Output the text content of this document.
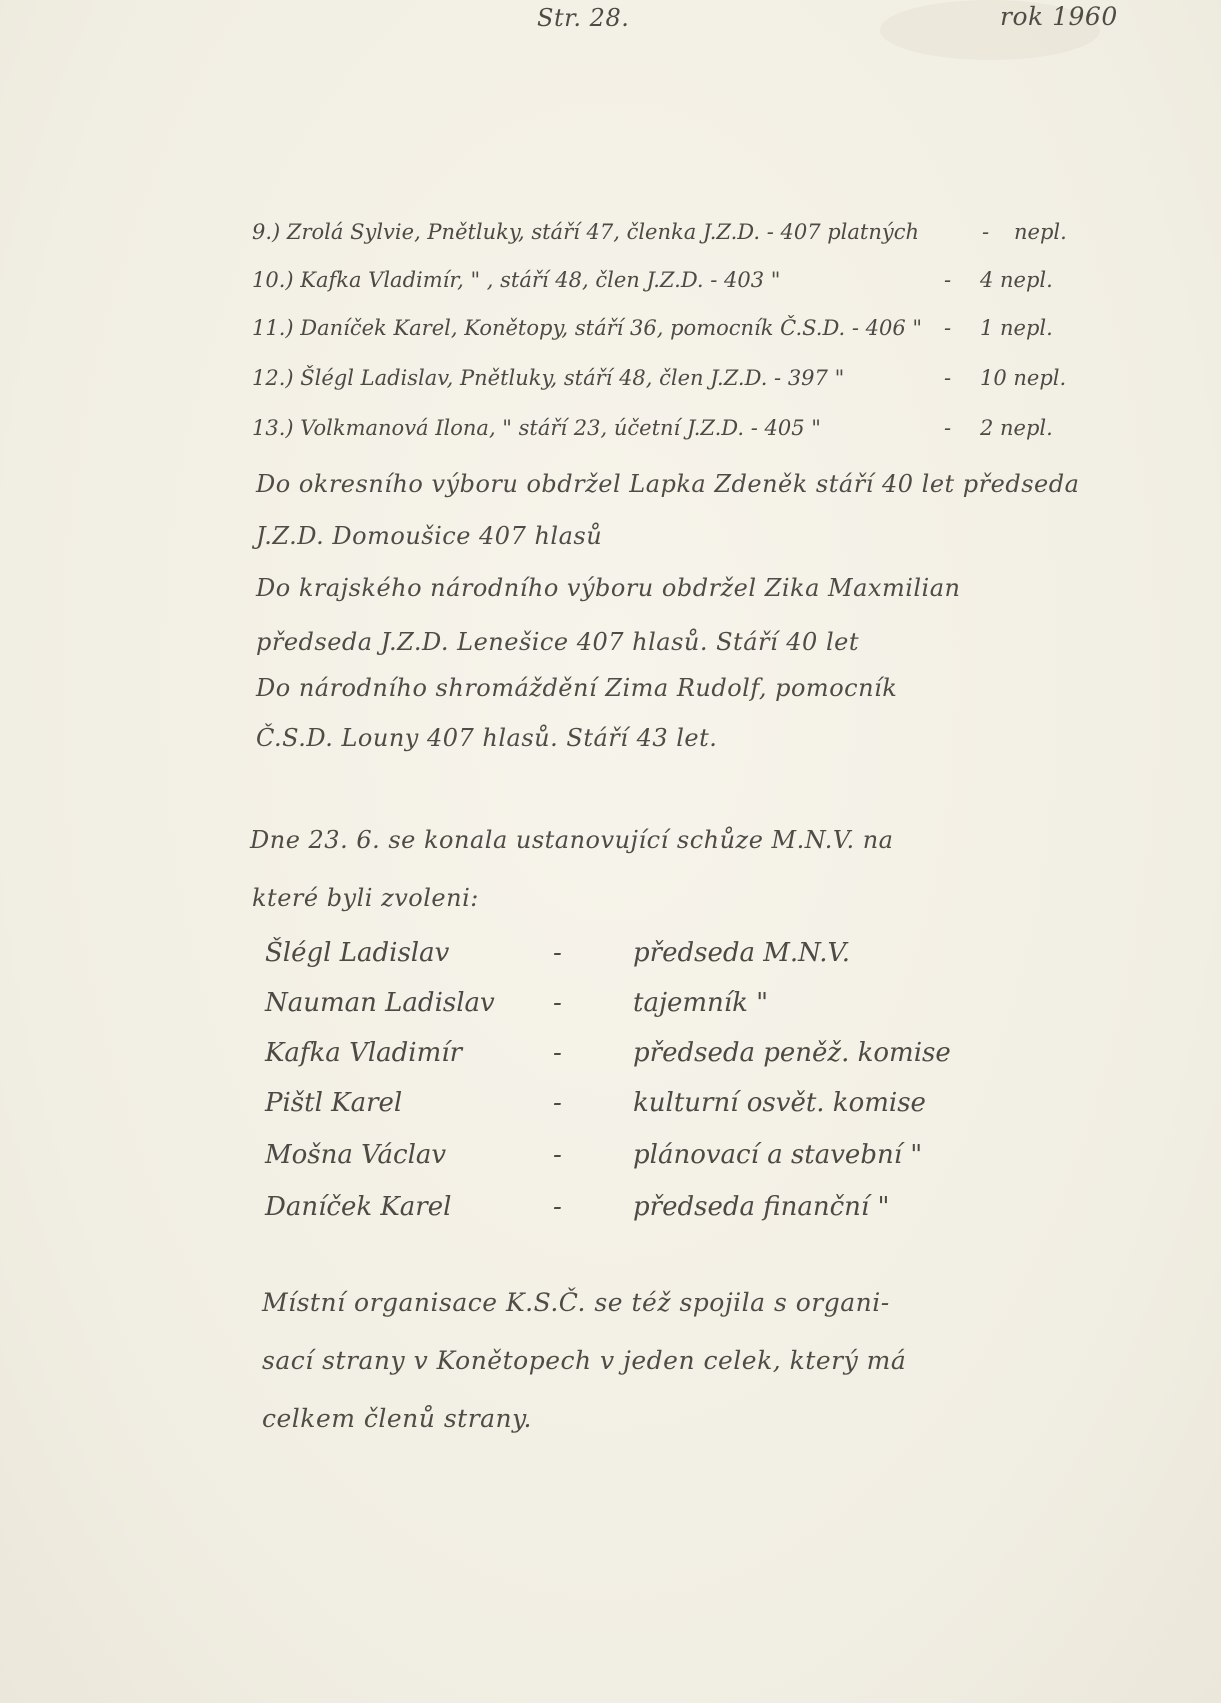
Str. 28.	rok 1960
9.) Zrolá Sylvie, Pnětluky, stáří 47, členka J.Z.D. - 407 platných	- nepl.
10.) Kafka Vladimír, " , stáří 48, člen J.Z.D. - 403 "	- 4 nepl.
11.) Daníček Karel, Konětopy, stáří 36, pomocník Č.S.D. - 406 " - 1 nepl.
12.) Šlégl Ladislav, Pnětluky, stáří 48, člen J.Z.D. - 397 "	- 10 nepl.
13.) Volkmanová Ilona, " stáří 23, účetní J.Z.D. - 405 "	- 2 nepl.
Do okresního výboru obdržel Lapka Zdeněk stáří 40 let předseda
J.Z.D. Domoušice 407 hlasů
Do krajského národního výboru obdržel Zika Maxmilian
předseda J.Z.D. Lenešice 407 hlasů. Stáří 40 let
Do národního shromáždění Zima Rudolf, pomocník
Č.S.D. Louny 407 hlasů. Stáří 43 let.
Dne 23. 6. se konala ustanovující schůze M.N.V. na
které byli zvoleni:
Šlégl Ladislav	-	předseda M.N.V.
Nauman Ladislav -	tajemník "
Kafka Vladimír	-	předseda peněž. komise
Pištl Karel	-	kulturní osvět. komise
Mošna Václav	-	plánovací a stavební "
Daníček Karel	-	předseda finanční "
Místní organisace K.S.Č. se též spojila s organi-
sací strany v Konětopech v jeden celek, který má
celkem členů strany.
